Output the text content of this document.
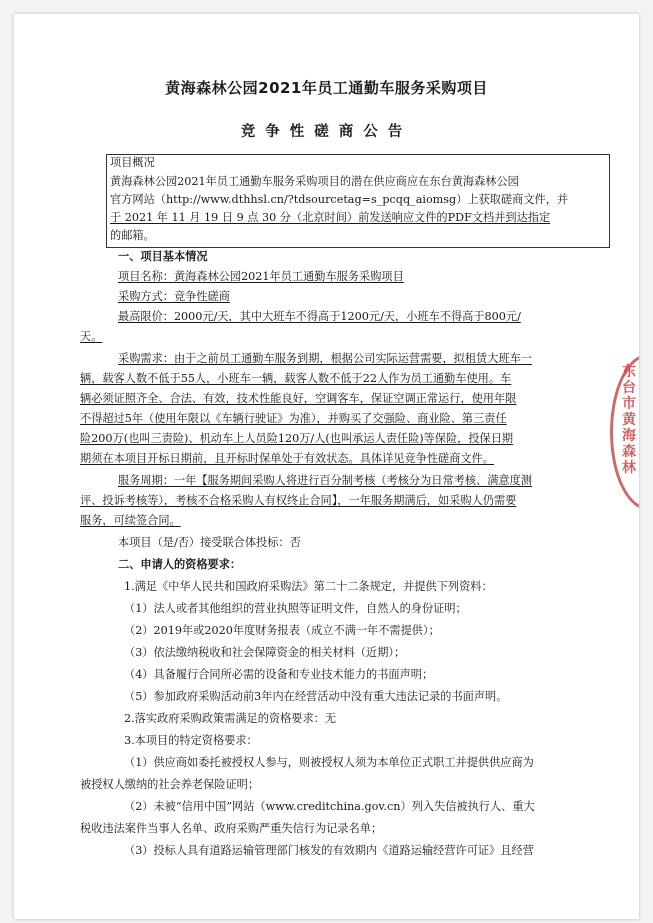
黄海森林公园2021年员工通勤车服务采购项目
竞争性磋商公告
项目概况
黄海森林公园2021年员工通勤车服务采购项目的潜在供应商应在东台黄海森林公园
官方网站（http://www.dthhsl.cn/?tdsourcetag=s_pcqq_aiomsg）上获取磋商文件，并
于 2021 年 11 月 19 日 9 点 30 分（北京时间）前发送响应文件的PDF文档并到达指定
的邮箱。
一、项目基本情况
项目名称：黄海森林公园2021年员工通勤车服务采购项目
采购方式：竞争性磋商
最高限价：2000元/天，其中大班车不得高于1200元/天，小班车不得高于800元/
天。
采购需求：由于之前员工通勤车服务到期，根据公司实际运营需要，拟租赁大班车一
辆，载客人数不低于55人，小班车一辆，载客人数不低于22人作为员工通勤车使用。车
辆必须证照齐全、合法、有效，技术性能良好，空调客车，保证空调正常运行，使用年限
不得超过5年（使用年限以《车辆行驶证》为准），并购买了交强险、商业险、第三责任
险200万(也叫三责险)、机动车上人员险120万/人(也叫承运人责任险)等保险，投保日期
期须在本项目开标日期前，且开标时保单处于有效状态。具体详见竞争性磋商文件。
服务周期：一年【服务期间采购人将进行百分制考核（考核分为日常考核、满意度测
评、投诉考核等），考核不合格采购人有权终止合同】，一年服务期满后，如采购人仍需要
服务，可续签合同。
本项目（是/否）接受联合体投标：否
二、申请人的资格要求：
1.满足《中华人民共和国政府采购法》第二十二条规定，并提供下列资料：
（1）法人或者其他组织的营业执照等证明文件，自然人的身份证明；
（2）2019年或2020年度财务报表（成立不满一年不需提供）；
（3）依法缴纳税收和社会保障资金的相关材料（近期）；
（4）具备履行合同所必需的设备和专业技术能力的书面声明；
（5）参加政府采购活动前3年内在经营活动中没有重大违法记录的书面声明。
2.落实政府采购政策需满足的资格要求：无
3.本项目的特定资格要求：
（1）供应商如委托被授权人参与，则被授权人须为本单位正式职工并提供供应商为
被授权人缴纳的社会养老保险证明；
（2）未被“信用中国”网站（www.creditchina.gov.cn）列入失信被执行人、重大
税收违法案件当事人名单、政府采购严重失信行为记录名单；
（3）投标人具有道路运输管理部门核发的有效期内《道路运输经营许可证》且经营
东
台
市
黄
海
森
林
